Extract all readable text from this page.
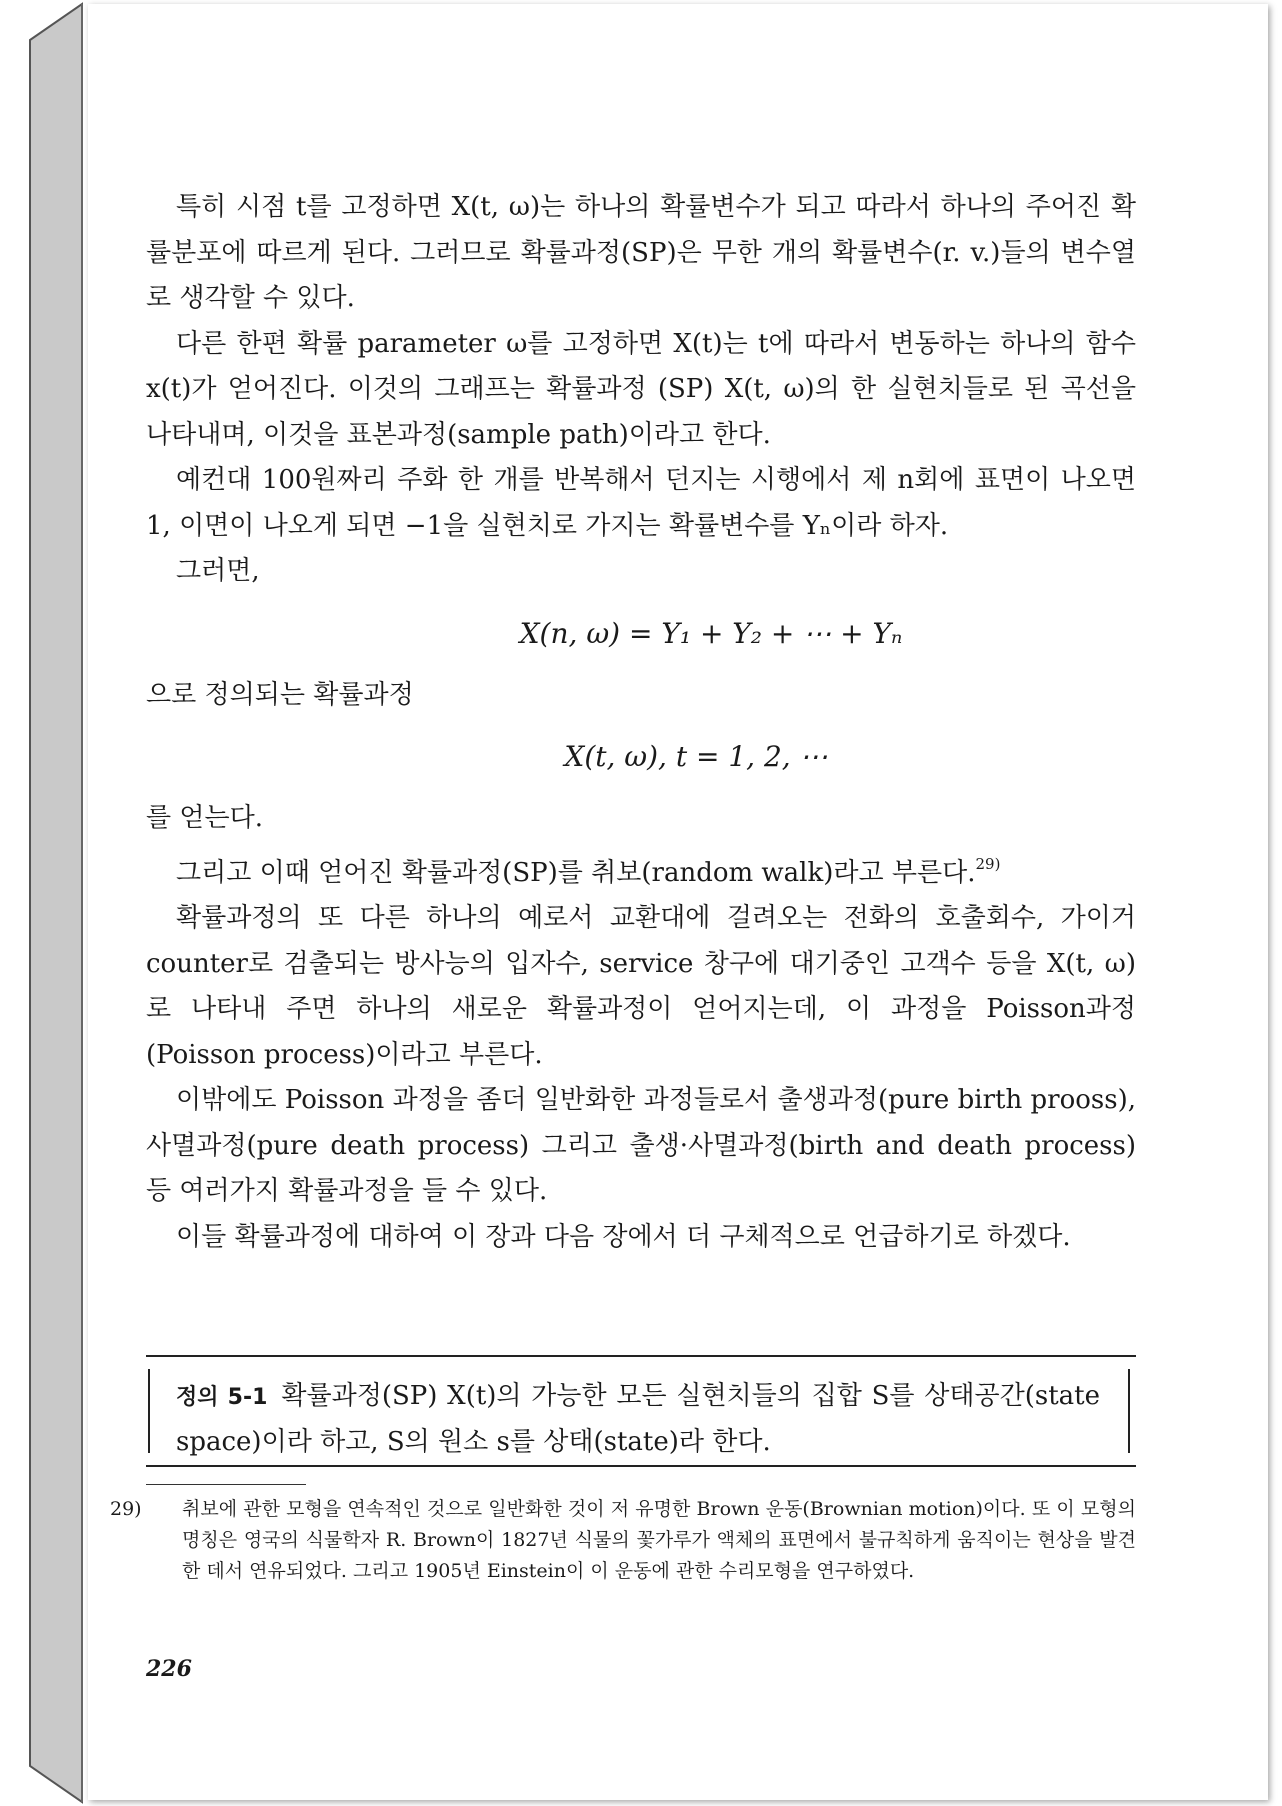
특히 시점 t를 고정하면 X(t, ω)는 하나의 확률변수가 되고 따라서 하나의 주어진 확률분포에 따르게 된다. 그러므로 확률과정(SP)은 무한 개의 확률변수(r. v.)들의 변수열로 생각할 수 있다.

다른 한편 확률 parameter ω를 고정하면 X(t)는 t에 따라서 변동하는 하나의 함수 x(t)가 얻어진다. 이것의 그래프는 확률과정 (SP) X(t, ω)의 한 실현치들로 된 곡선을 나타내며, 이것을 표본과정(sample path)이라고 한다.

예컨대 100원짜리 주화 한 개를 반복해서 던지는 시행에서 제 n회에 표면이 나오면 1, 이면이 나오게 되면 −1을 실현치로 가지는 확률변수를 Yₙ이라 하자.

그러면,

X(n, ω) = Y₁ + Y₂ + ⋯ + Yₙ

으로 정의되는 확률과정

X(t, ω), t = 1, 2, ⋯

를 얻는다.

그리고 이때 얻어진 확률과정(SP)를 취보(random walk)라고 부른다.$^{29)}$

확률과정의 또 다른 하나의 예로서 교환대에 걸려오는 전화의 호출회수, 가이거 counter로 검출되는 방사능의 입자수, service 창구에 대기중인 고객수 등을 X(t, ω)로 나타내 주면 하나의 새로운 확률과정이 얻어지는데, 이 과정을 Poisson과정(Poisson process)이라고 부른다.

이밖에도 Poisson 과정을 좀더 일반화한 과정들로서 출생과정(pure birth prooss), 사멸과정(pure death process) 그리고 출생·사멸과정(birth and death process) 등 여러가지 확률과정을 들 수 있다.

이들 확률과정에 대하여 이 장과 다음 장에서 더 구체적으로 언급하기로 하겠다.

정의 5-1 확률과정(SP) X(t)의 가능한 모든 실현치들의 집합 S를 상태공간(state space)이라 하고, S의 원소 s를 상태(state)라 한다.
29) 취보에 관한 모형을 연속적인 것으로 일반화한 것이 저 유명한 Brown 운동(Brownian motion)이다. 또 이 모형의 명칭은 영국의 식물학자 R. Brown이 1827년 식물의 꽃가루가 액체의 표면에서 불규칙하게 움직이는 현상을 발견한 데서 연유되었다. 그리고 1905년 Einstein이 이 운동에 관한 수리모형을 연구하였다.
226
